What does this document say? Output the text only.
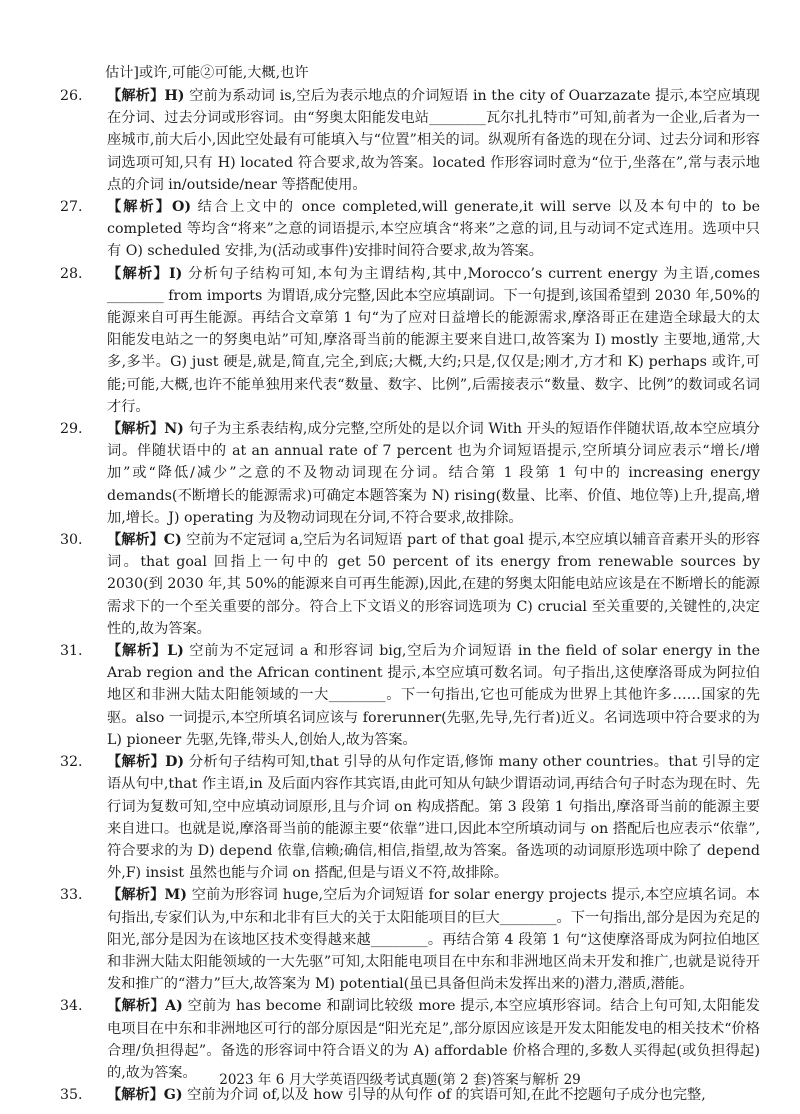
估计]或许,可能②可能,大概,也许
26. 【解析】H) 空前为系动词 is,空后为表示地点的介词短语 in the city of Ouarzazate 提示,本空应填现在分词、过去分词或形容词。由“努奥太阳能发电站________瓦尔扎扎特市”可知,前者为一企业,后者为一座城市,前大后小,因此空处最有可能填入与“位置”相关的词。纵观所有备选的现在分词、过去分词和形容词选项可知,只有 H) located 符合要求,故为答案。located 作形容词时意为“位于,坐落在”,常与表示地点的介词 in/outside/near 等搭配使用。
27. 【解析】O) 结合上文中的 once completed,will generate,it will serve 以及本句中的 to be completed 等均含“将来”之意的词语提示,本空应填含“将来”之意的词,且与动词不定式连用。选项中只有 O) scheduled 安排,为(活动或事件)安排时间符合要求,故为答案。
28. 【解析】I) 分析句子结构可知,本句为主谓结构,其中,Morocco’s current energy 为主语,comes ________ from imports 为谓语,成分完整,因此本空应填副词。下一句提到,该国希望到 2030 年,50%的能源来自可再生能源。再结合文章第 1 句“为了应对日益增长的能源需求,摩洛哥正在建造全球最大的太阳能发电站之一的努奥电站”可知,摩洛哥当前的能源主要来自进口,故答案为 I) mostly 主要地,通常,大多,多半。G) just 硬是,就是,简直,完全,到底;大概,大约;只是,仅仅是;刚才,方才和 K) perhaps 或许,可能;可能,大概,也许不能单独用来代表“数量、数字、比例”,后需接表示“数量、数字、比例”的数词或名词才行。
29. 【解析】N) 句子为主系表结构,成分完整,空所处的是以介词 With 开头的短语作伴随状语,故本空应填分词。伴随状语中的 at an annual rate of 7 percent 也为介词短语提示,空所填分词应表示“增长/增加”或“降低/减少”之意的不及物动词现在分词。结合第 1 段第 1 句中的 increasing energy demands(不断增长的能源需求)可确定本题答案为 N) rising(数量、比率、价值、地位等)上升,提高,增加,增长。J) operating 为及物动词现在分词,不符合要求,故排除。
30. 【解析】C) 空前为不定冠词 a,空后为名词短语 part of that goal 提示,本空应填以辅音音素开头的形容词。that goal 回指上一句中的 get 50 percent of its energy from renewable sources by 2030(到 2030 年,其 50%的能源来自可再生能源),因此,在建的努奥太阳能电站应该是在不断增长的能源需求下的一个至关重要的部分。符合上下文语义的形容词选项为 C) crucial 至关重要的,关键性的,决定性的,故为答案。
31. 【解析】L) 空前为不定冠词 a 和形容词 big,空后为介词短语 in the field of solar energy in the Arab region and the African continent 提示,本空应填可数名词。句子指出,这使摩洛哥成为阿拉伯地区和非洲大陆太阳能领域的一大________。下一句指出,它也可能成为世界上其他许多……国家的先驱。also 一词提示,本空所填名词应该与 forerunner(先驱,先导,先行者)近义。名词选项中符合要求的为 L) pioneer 先驱,先锋,带头人,创始人,故为答案。
32. 【解析】D) 分析句子结构可知,that 引导的从句作定语,修饰 many other countries。that 引导的定语从句中,that 作主语,in 及后面内容作其宾语,由此可知从句缺少谓语动词,再结合句子时态为现在时、先行词为复数可知,空中应填动词原形,且与介词 on 构成搭配。第 3 段第 1 句指出,摩洛哥当前的能源主要来自进口。也就是说,摩洛哥当前的能源主要“依靠”进口,因此本空所填动词与 on 搭配后也应表示“依靠”,符合要求的为 D) depend 依靠,信赖;确信,相信,指望,故为答案。备选项的动词原形选项中除了 depend 外,F) insist 虽然也能与介词 on 搭配,但是与语义不符,故排除。
33. 【解析】M) 空前为形容词 huge,空后为介词短语 for solar energy projects 提示,本空应填名词。本句指出,专家们认为,中东和北非有巨大的关于太阳能项目的巨大________。下一句指出,部分是因为充足的阳光,部分是因为在该地区技术变得越来越________。再结合第 4 段第 1 句“这使摩洛哥成为阿拉伯地区和非洲大陆太阳能领域的一大先驱”可知,太阳能电项目在中东和非洲地区尚未开发和推广,也就是说待开发和推广的“潜力”巨大,故答案为 M) potential(虽已具备但尚未发挥出来的)潜力,潜质,潜能。
34. 【解析】A) 空前为 has become 和副词比较级 more 提示,本空应填形容词。结合上句可知,太阳能发电项目在中东和非洲地区可行的部分原因是“阳光充足”,部分原因应该是开发太阳能发电的相关技术“价格合理/负担得起”。备选的形容词中符合语义的为 A) affordable 价格合理的,多数人买得起(或负担得起)的,故为答案。
35. 【解析】G) 空前为介词 of,以及 how 引导的从句作 of 的宾语可知,在此不挖题句子成分也完整,
2023 年 6 月大学英语四级考试真题(第 2 套)答案与解析 29
